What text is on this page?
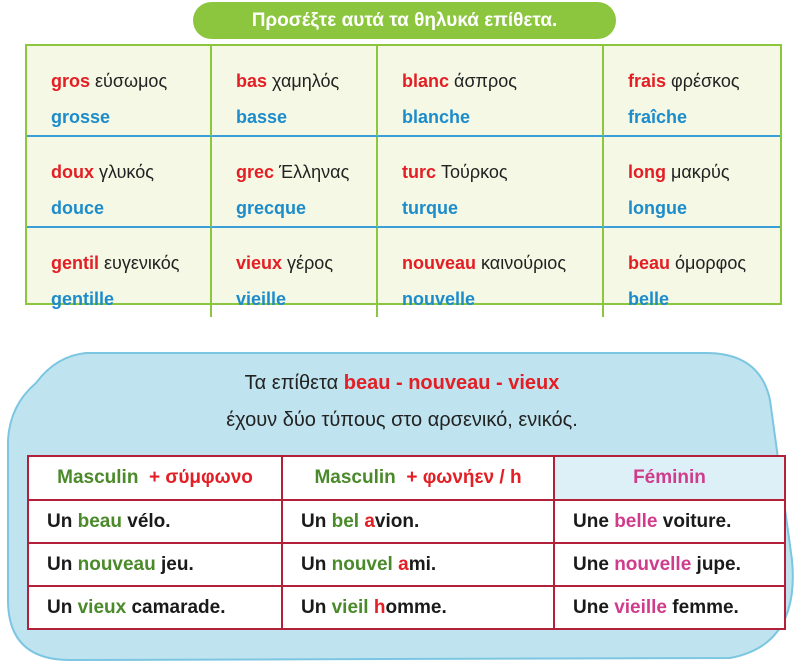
Προσέξτε αυτά τα θηλυκά επίθετα.
gros εύσωμος
grosse
bas χαμηλός
basse
blanc άσπρος
blanche
frais φρέσκος
fraîche
doux γλυκός
douce
grec Έλληνας
grecque
turc Τούρκος
turque
long μακρύς
longue
gentil ευγενικός
gentille
vieux γέρος
vieille
nouveau καινούριος
nouvelle
beau όμορφος
belle
Τα επίθετα beau - nouveau - vieux
έχουν δύο τύπους στο αρσενικό, ενικός.
Masculin + σύμφωνο	Masculin + φωνήεν / h	Féminin
Un beau vélo.	Un bel avion.	Une belle voiture.
Un nouveau jeu.	Un nouvel ami.	Une nouvelle jupe.
Un vieux camarade.	Un vieil homme.	Une vieille femme.
